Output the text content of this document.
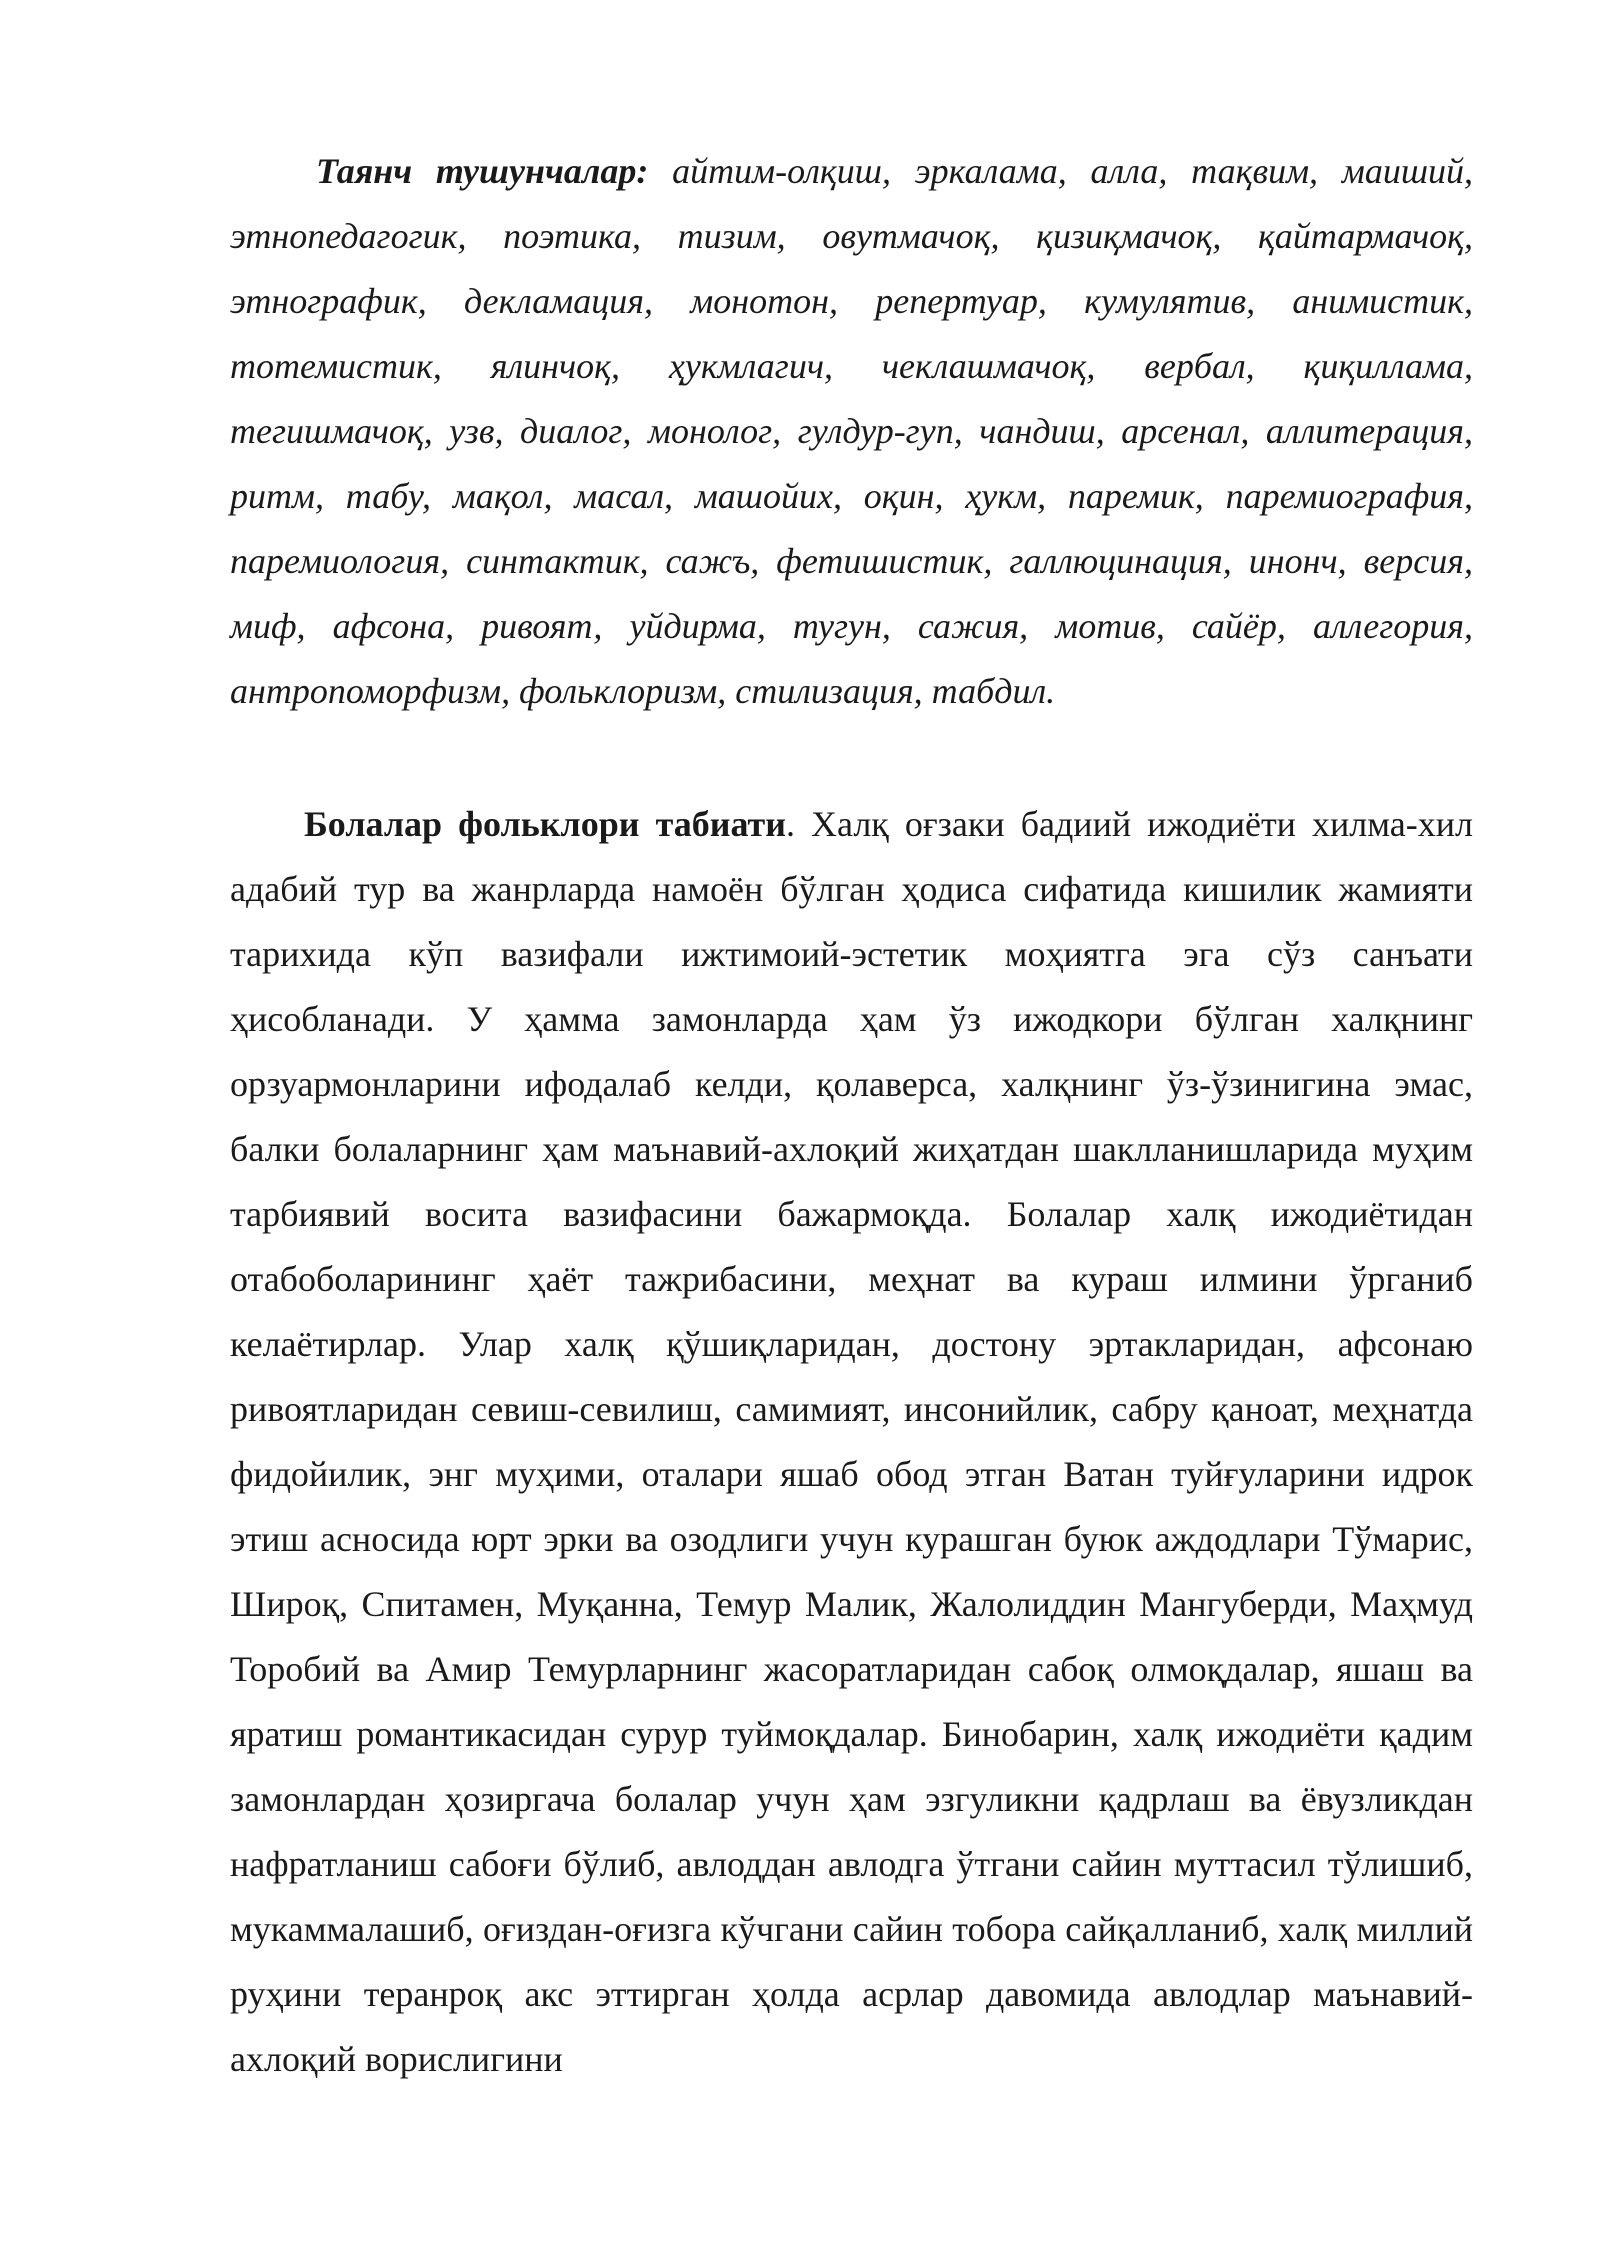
Таянч тушунчалар: айтим-олқиш, эркалама, алла, тақвим, маиший, этнопедагогик, поэтика, тизим, овутмачоқ, қизиқмачоқ, қайтармачоқ, этнографик, декламация, монотон, репертуар, кумулятив, анимистик, тотемистик, ялинчоқ, ҳукмлагич, чеклашмачоқ, вербал, қиқиллама, тегишмачоқ, узв, диалог, монолог, гулдур-гуп, чандиш, арсенал, аллитерация, ритм, табу, мақол, масал, машойих, оқин, ҳукм, паремик, паремиография, паремиология, синтактик, сажъ, фетишистик, галлюцинация, инонч, версия, миф, афсона, ривоят, уйдирма, тугун, сажия, мотив, сайёр, аллегория, антропоморфизм, фольклоризм, стилизация, табдил.

Болалар фольклори табиати. Халқ оғзаки бадиий ижодиёти хилма-хил адабий тур ва жанрларда намоён бўлган ҳодиса сифатида кишилик жамияти тарихида кўп вазифали ижтимоий-эстетик моҳиятга эга сўз санъати ҳисобланади. У ҳамма замонларда ҳам ўз ижодкори бўлган халқнинг орзуармонларини ифодалаб келди, қолаверса, халқнинг ўз-ўзинигина эмас, балки болаларнинг ҳам маънавий-ахлоқий жиҳатдан шаклланишларида муҳим тарбиявий восита вазифасини бажармоқда. Болалар халқ ижодиётидан отабоболарининг ҳаёт тажрибасини, меҳнат ва кураш илмини ўрганиб келаётирлар. Улар халқ қўшиқларидан, достону эртакларидан, афсонаю ривоятларидан севиш-севилиш, самимият, инсонийлик, сабру қаноат, меҳнатда фидойилик, энг муҳими, оталари яшаб обод этган Ватан туйғуларини идрок этиш асносида юрт эрки ва озодлиги учун курашган буюк аждодлари Тўмарис, Широқ, Спитамен, Муқанна, Темур Малик, Жалолиддин Мангуберди, Маҳмуд Торобий ва Амир Темурларнинг жасоратларидан сабоқ олмоқдалар, яшаш ва яратиш романтикасидан сурур туймоқдалар. Бинобарин, халқ ижодиёти қадим замонлардан ҳозиргача болалар учун ҳам эзгуликни қадрлаш ва ёвузликдан нафратланиш сабоғи бўлиб, авлоддан авлодга ўтгани сайин муттасил тўлишиб, мукаммалашиб, оғиздан-оғизга кўчгани сайин тобора сайқалланиб, халқ миллий руҳини теранроқ акс эттирган ҳолда асрлар давомида авлодлар маънавий-ахлоқий ворислигини
